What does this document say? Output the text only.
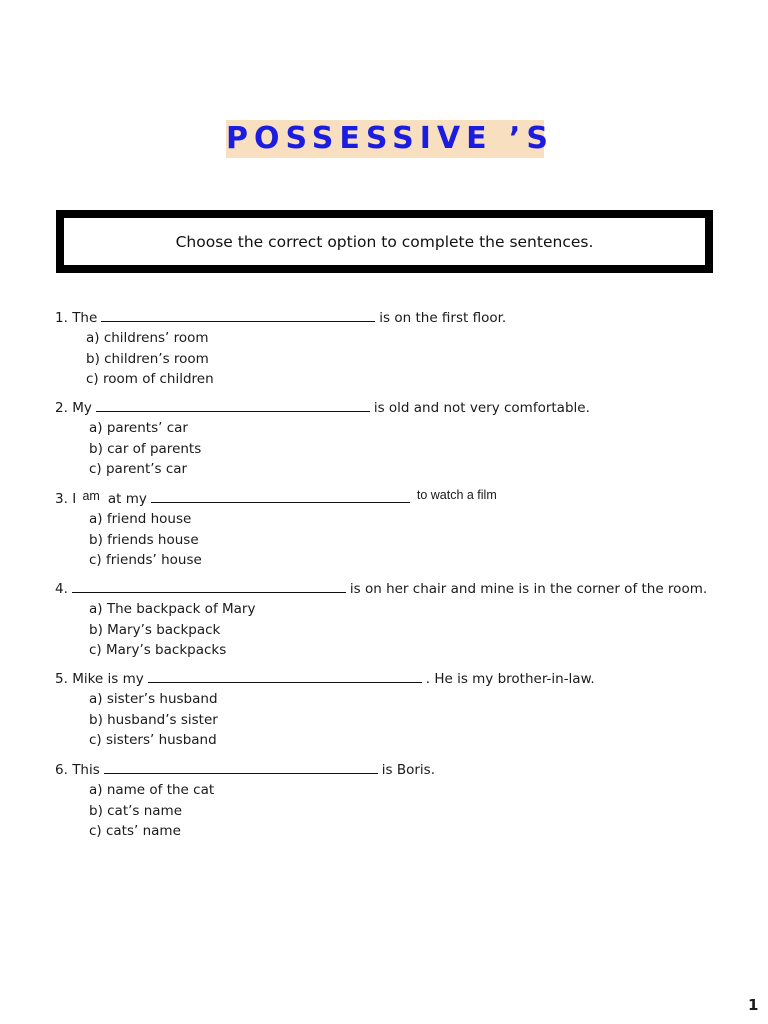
POSSESSIVE ’S
Choose the correct option to complete the sentences.
1. The	is on the first floor.
a) childrens’ room
b) children’s room
c) room of children
2. My	is old and not very comfortable.
a) parents’ car
b) car of parents
c) parent’s car
3. I am at my	to watch a film
a) friend house
b) friends house
c) friends’ house
4.	is on her chair and mine is in the corner of the room.
a) The backpack of Mary
b) Mary’s backpack
c) Mary’s backpacks
5. Mike is my	. He is my brother-in-law.
a) sister’s husband
b) husband’s sister
c) sisters’ husband
6. This	is Boris.
a) name of the cat
b) cat’s name
c) cats’ name
1
